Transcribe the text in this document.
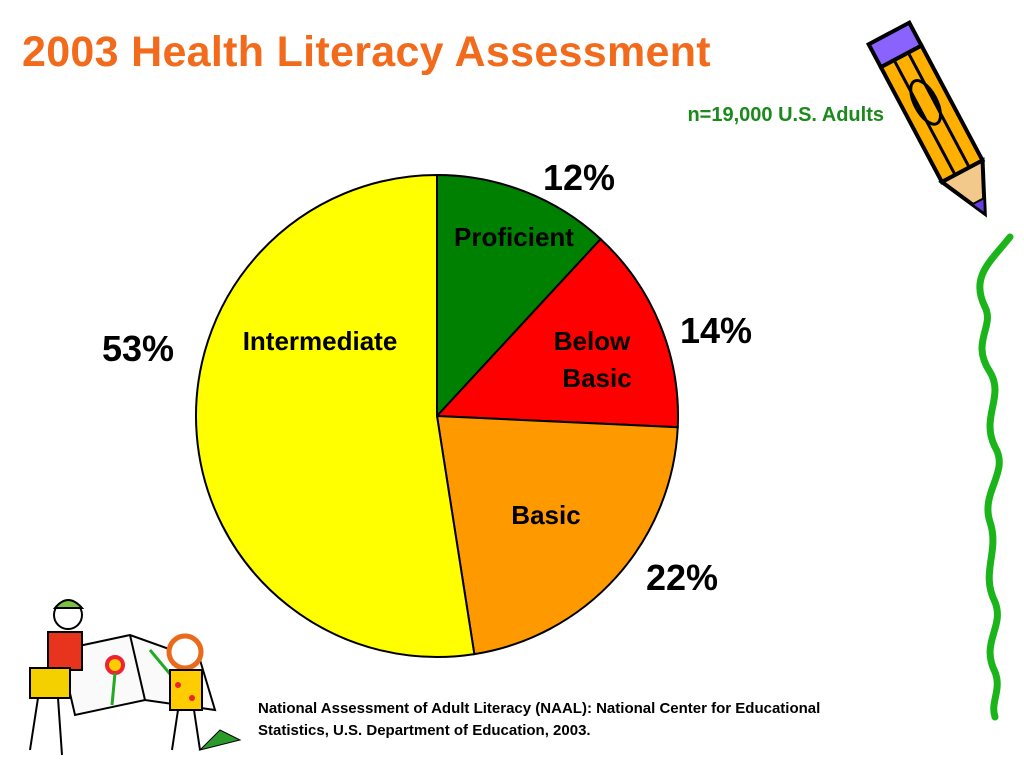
2003 Health Literacy Assessment
n=19,000 U.S. Adults
Proficient
12%
Below Basic
14%
Basic
22%
Intermediate
53%
National Assessment of Adult Literacy (NAAL): National Center for Educational
Statistics, U.S. Department of Education, 2003.
